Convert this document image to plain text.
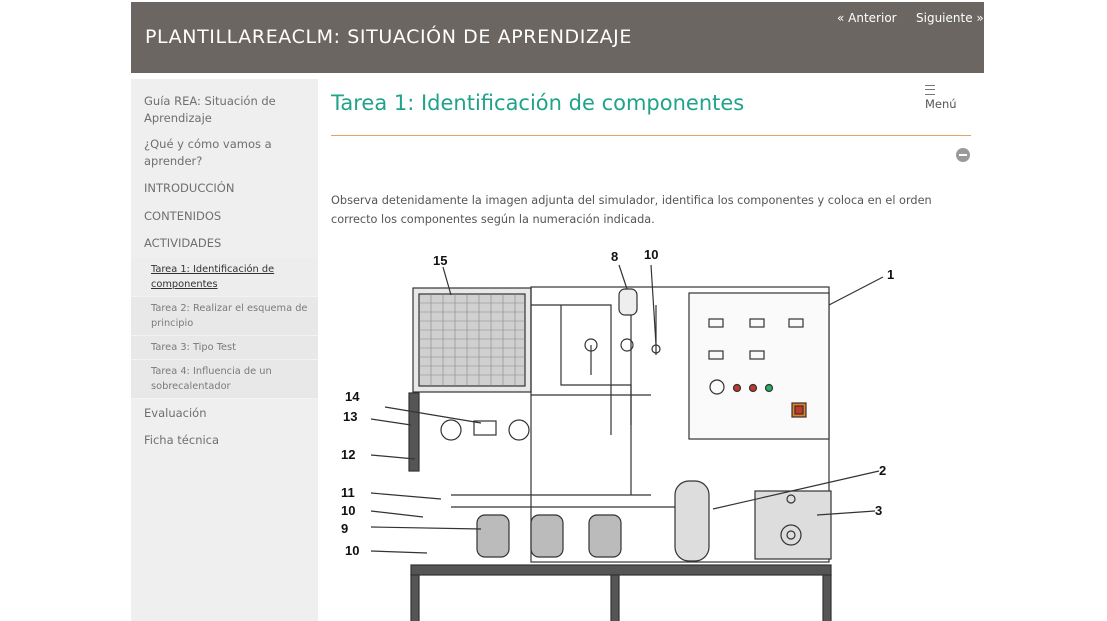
PLANTILLAREACLM: SITUACIÓN DE APRENDIZAJE
« Anterior Siguiente »
Guía REA: Situación de Aprendizaje
¿Qué y cómo vamos a aprender?
INTRODUCCIÓN
CONTENIDOS
ACTIVIDADES
Tarea 1: Identificación de componentes
Tarea 2: Realizar el esquema de principio
Tarea 3: Tipo Test
Tarea 4: Influencia de un sobrecalentador
Evaluación
Ficha técnica
Menú
Tarea 1: Identificación de componentes
Observa detenidamente la imagen adjunta del simulador, identifica los componentes y coloca en el orden correcto los componentes según la numeración indicada.
15	8 10
1
2
3
14
13
12
11
10
9
10
